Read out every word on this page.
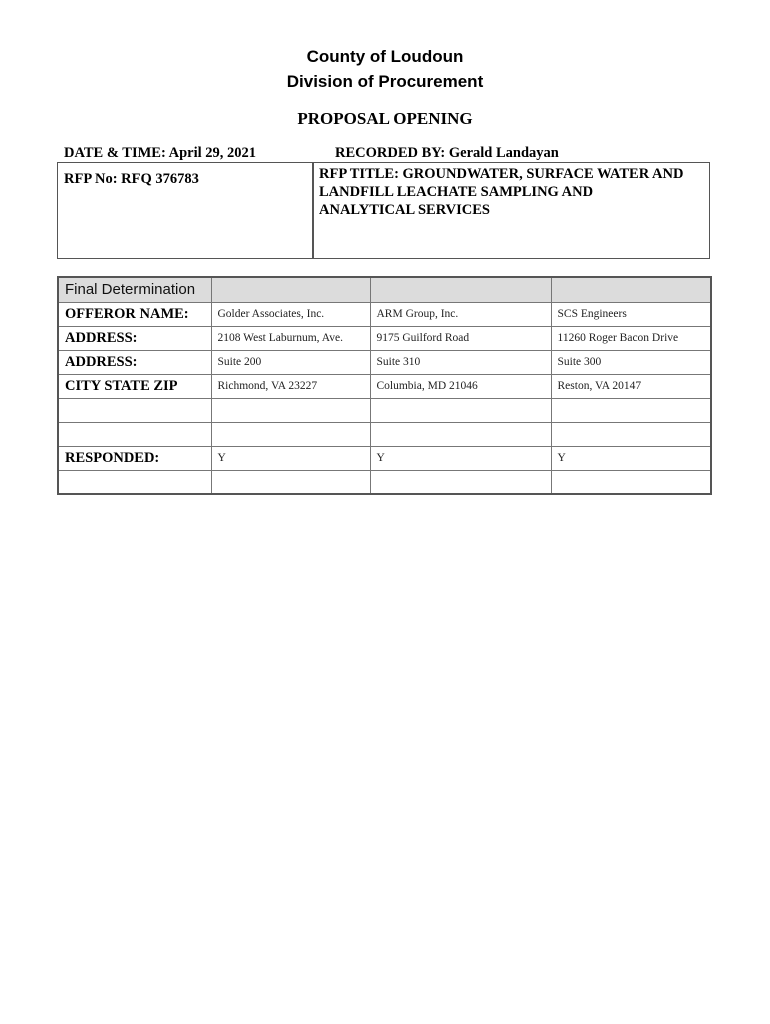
County of Loudoun
Division of Procurement
PROPOSAL OPENING
DATE & TIME: April 29, 2021	RECORDED BY: Gerald Landayan
RFP No: RFQ 376783	RFP TITLE: GROUNDWATER, SURFACE WATER AND
LANDFILL LEACHATE SAMPLING AND
ANALYTICAL SERVICES
Final Determination			
OFFEROR NAME:	Golder Associates, Inc.	ARM Group, Inc.	SCS Engineers
ADDRESS:	2108 West Laburnum, Ave.	9175 Guilford Road	11260 Roger Bacon Drive
ADDRESS:	Suite 200	Suite 310	Suite 300
CITY STATE ZIP	Richmond, VA 23227	Columbia, MD 21046	Reston, VA 20147

RESPONDED:	Y	Y	Y
